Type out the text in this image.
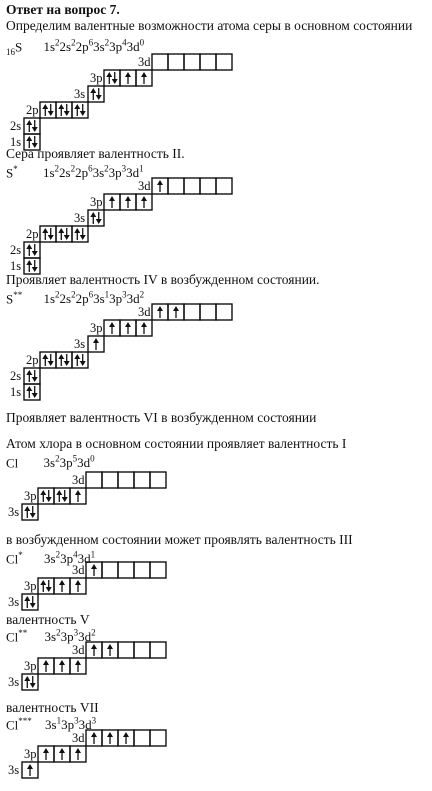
Ответ на вопрос 7.
Определим валентные возможности атома серы в основном состоянии
$_{16}$S $1s^22s^22p^63s^23p^43d^0$
1s
2s
2p
3s
3p
3d
Сера проявляет валентность II.
S* $1s^22s^22p^63s^23p^33d^1$
1s
2s
2p
3s
3p
3d
Проявляет валентность IV в возбужденном состоянии.
S** $1s^22s^22p^63s^13p^33d^2$
1s
2s
2p
3s
3p
3d
Проявляет валентность VI в возбужденном состоянии
Атом хлора в основном состоянии проявляет валентность I
Cl $3s^23p^53d^0$
3s
3p
3d
в возбужденном состоянии может проявлять валентность III
Cl* $3s^23p^43d^1$
3s
3p
3d
валентность V
Cl** $3s^23p^33d^2$
3s
3p
3d
валентность VII
Cl*** $3s^13p^33d^3$
3s
3p
3d
